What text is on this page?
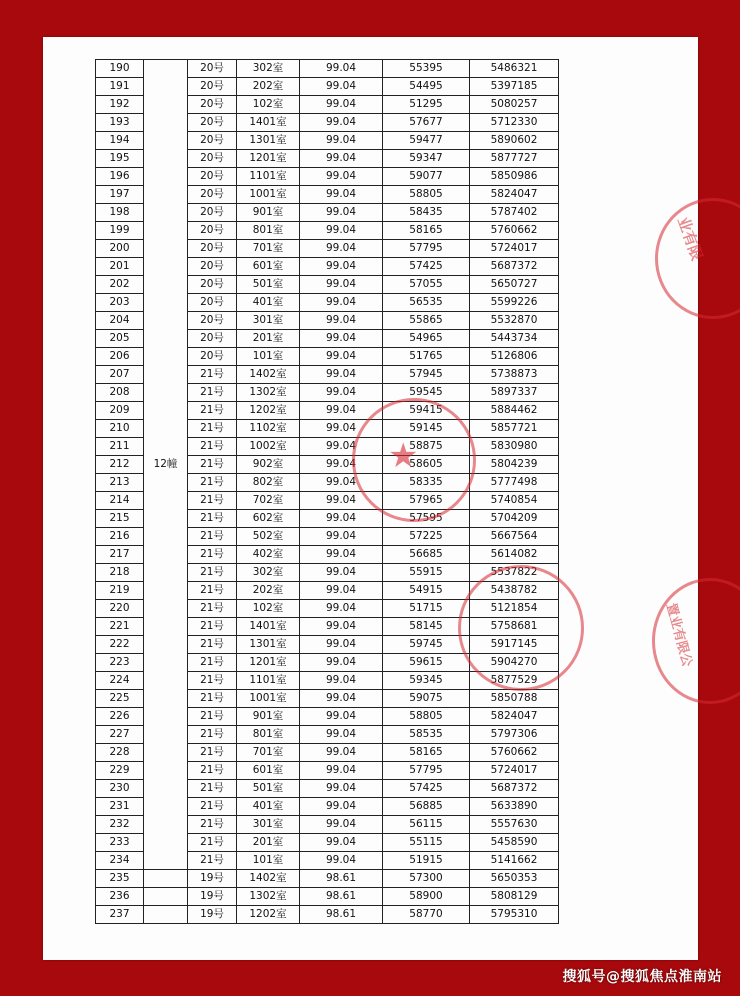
190	12幢	20号	302室	99.04	55395	5486321
191		20号	202室	99.04	54495	5397185
192		20号	102室	99.04	51295	5080257
193		20号	1401室	99.04	57677	5712330
194		20号	1301室	99.04	59477	5890602
195		20号	1201室	99.04	59347	5877727
196		20号	1101室	99.04	59077	5850986
197		20号	1001室	99.04	58805	5824047
198		20号	901室	99.04	58435	5787402
199		20号	801室	99.04	58165	5760662
200		20号	701室	99.04	57795	5724017
201		20号	601室	99.04	57425	5687372
202		20号	501室	99.04	57055	5650727
203		20号	401室	99.04	56535	5599226
204		20号	301室	99.04	55865	5532870
205		20号	201室	99.04	54965	5443734
206		20号	101室	99.04	51765	5126806
207		21号	1402室	99.04	57945	5738873
208		21号	1302室	99.04	59545	5897337
209		21号	1202室	99.04	59415	5884462
210		21号	1102室	99.04	59145	5857721
211		21号	1002室	99.04	58875	5830980
212		21号	902室	99.04	58605	5804239
213		21号	802室	99.04	58335	5777498
214		21号	702室	99.04	57965	5740854
215		21号	602室	99.04	57595	5704209
216		21号	502室	99.04	57225	5667564
217		21号	402室	99.04	56685	5614082
218		21号	302室	99.04	55915	5537822
219		21号	202室	99.04	54915	5438782
220		21号	102室	99.04	51715	5121854
221		21号	1401室	99.04	58145	5758681
222		21号	1301室	99.04	59745	5917145
223		21号	1201室	99.04	59615	5904270
224		21号	1101室	99.04	59345	5877529
225		21号	1001室	99.04	59075	5850788
226		21号	901室	99.04	58805	5824047
227		21号	801室	99.04	58535	5797306
228		21号	701室	99.04	58165	5760662
229		21号	601室	99.04	57795	5724017
230		21号	501室	99.04	57425	5687372
231		21号	401室	99.04	56885	5633890
232		21号	301室	99.04	56115	5557630
233		21号	201室	99.04	55115	5458590
234		21号	101室	99.04	51915	5141662
235		19号	1402室	98.61	57300	5650353
236		19号	1302室	98.61	58900	5808129
237		19号	1202室	98.61	58770	5795310
★
业有限
置业有限公
搜狐号@搜狐焦点淮南站
